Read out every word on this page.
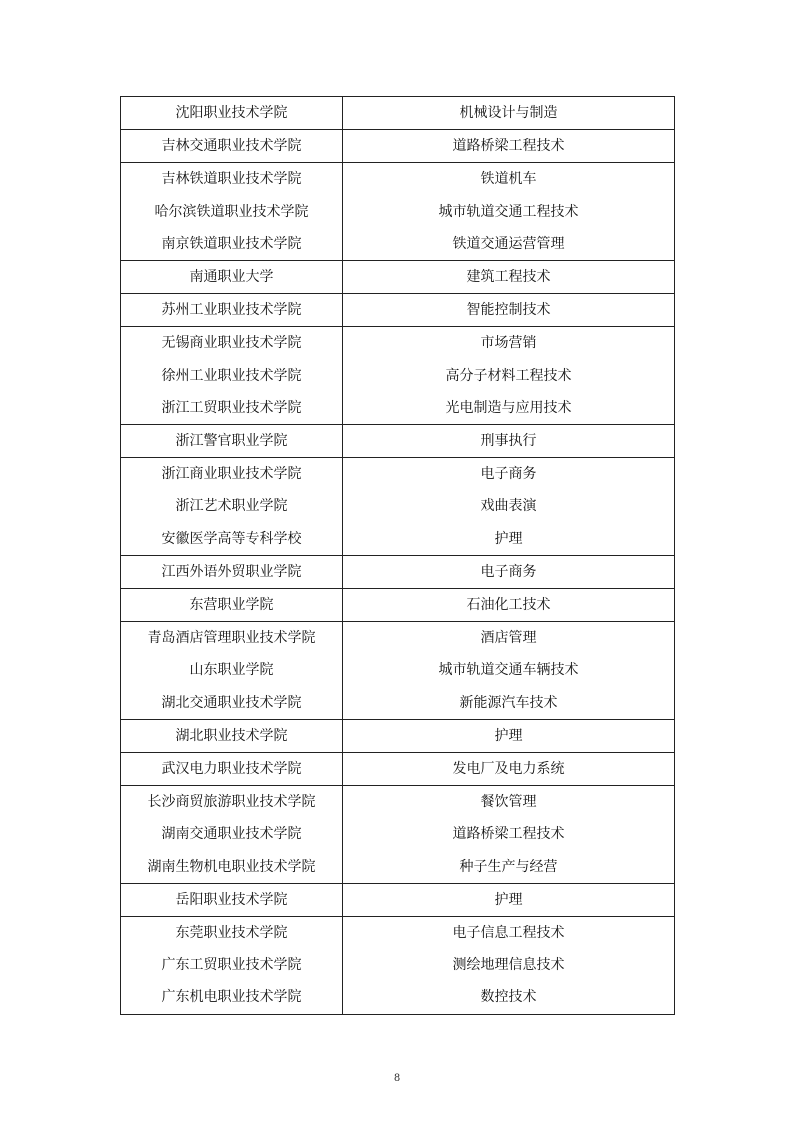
沈阳职业技术学院	机械设计与制造
吉林交通职业技术学院	道路桥梁工程技术
吉林铁道职业技术学院	铁道机车
哈尔滨铁道职业技术学院	城市轨道交通工程技术
南京铁道职业技术学院	铁道交通运营管理
南通职业大学	建筑工程技术
苏州工业职业技术学院	智能控制技术
无锡商业职业技术学院	市场营销
徐州工业职业技术学院	高分子材料工程技术
浙江工贸职业技术学院	光电制造与应用技术
浙江警官职业学院	刑事执行
浙江商业职业技术学院	电子商务
浙江艺术职业学院	戏曲表演
安徽医学高等专科学校	护理
江西外语外贸职业学院	电子商务
东营职业学院	石油化工技术
青岛酒店管理职业技术学院	酒店管理
山东职业学院	城市轨道交通车辆技术
湖北交通职业技术学院	新能源汽车技术
湖北职业技术学院	护理
武汉电力职业技术学院	发电厂及电力系统
长沙商贸旅游职业技术学院	餐饮管理
湖南交通职业技术学院	道路桥梁工程技术
湖南生物机电职业技术学院	种子生产与经营
岳阳职业技术学院	护理
东莞职业技术学院	电子信息工程技术
广东工贸职业技术学院	测绘地理信息技术
广东机电职业技术学院	数控技术
8
